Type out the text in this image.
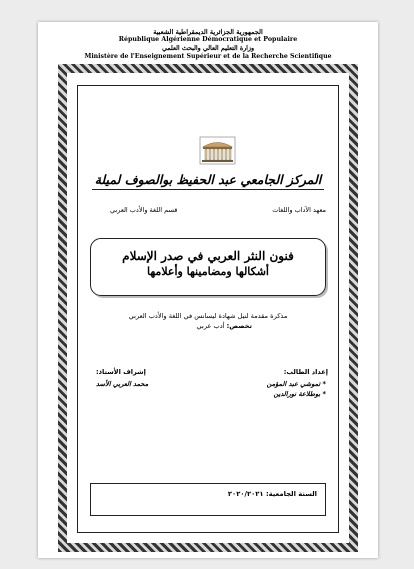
الجمهورية الجزائرية الديمقراطية الشعبية
République Algérienne Démocratique et Populaire
وزارة التعليم العالي والبحث العلمي
Ministère de l'Enseignement Supérieur et de la Recherche Scientifique
المركز الجامعي عبد الحفيظ بوالصوف لميلة
معهد الآداب واللغات
قسم اللغة والأدب العربي
فنون النثر العربي في صدر الإسلام
أشكالها ومضامينها وأعلامها
مذكرة مقدمة لنيل شهادة ليسانس في اللغة والأدب العربي
تخصص: أدب عربي
إعداد الطالب:
إشراف الأستاذ:
* تموشي عبد المؤمن
* بوطلاعة نورالدين
محمد العربي الأسد
السنة الجامعية: ٢٠٢٠/٢٠٢١
